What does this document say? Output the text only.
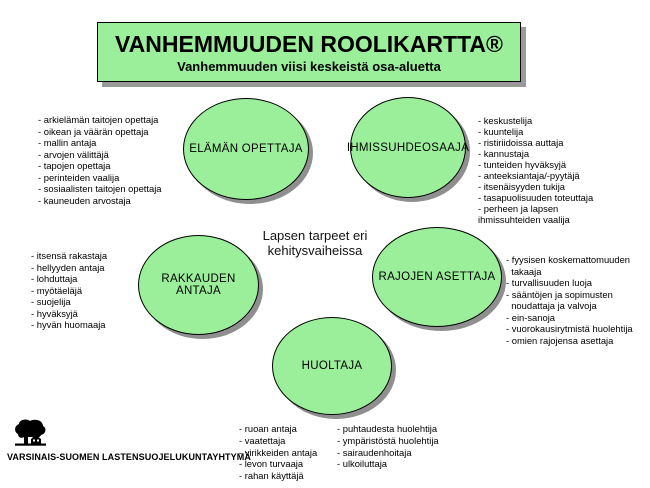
VANHEMMUUDEN ROOLIKARTTA®
Vanhemmuuden viisi keskeistä osa-aluetta
ELÄMÄN OPETTAJA	IHMISSUHDEOSAAJA
RAKKAUDEN ANTAJA
RAJOJEN ASETTAJA
HUOLTAJA
Lapsen tarpeet eri
kehitysvaiheissa
- arkielämän taitojen opettaja
- oikean ja väärän opettaja
- mallin antaja
- arvojen välittäjä
- tapojen opettaja
- perinteiden vaalija
- sosiaalisten taitojen opettaja
- kauneuden arvostaja
- keskustelija
- kuuntelija
- ristiriidoissa auttaja
- kannustaja
- tunteiden hyväksyjä
- anteeksiantaja/-pyytäjä
- itsenäisyyden tukija
- tasapuolisuuden toteuttaja
- perheen ja lapsen
ihmissuhteiden vaalija
- itsensä rakastaja
- hellyyden antaja
- lohduttaja
- myötäeläjä
- suojelija
- hyväksyjä
- hyvän huomaaja
- fyysisen koskemattomuuden
takaaja
- turvallisuuden luoja
- sääntöjen ja sopimusten
noudattaja ja valvoja
- ein-sanoja
- vuorokausirytmistä huolehtija
- omien rajojensa asettaja
- ruoan antaja
- vaatettaja
- virikkeiden antaja
- levon turvaaja
- rahan käyttäjä
- puhtaudesta huolehtija
- ympäristöstä huolehtija
- sairaudenhoitaja
- ulkoiluttaja
VARSINAIS-SUOMEN LASTENSUOJELUKUNTAYHTYMÄ
